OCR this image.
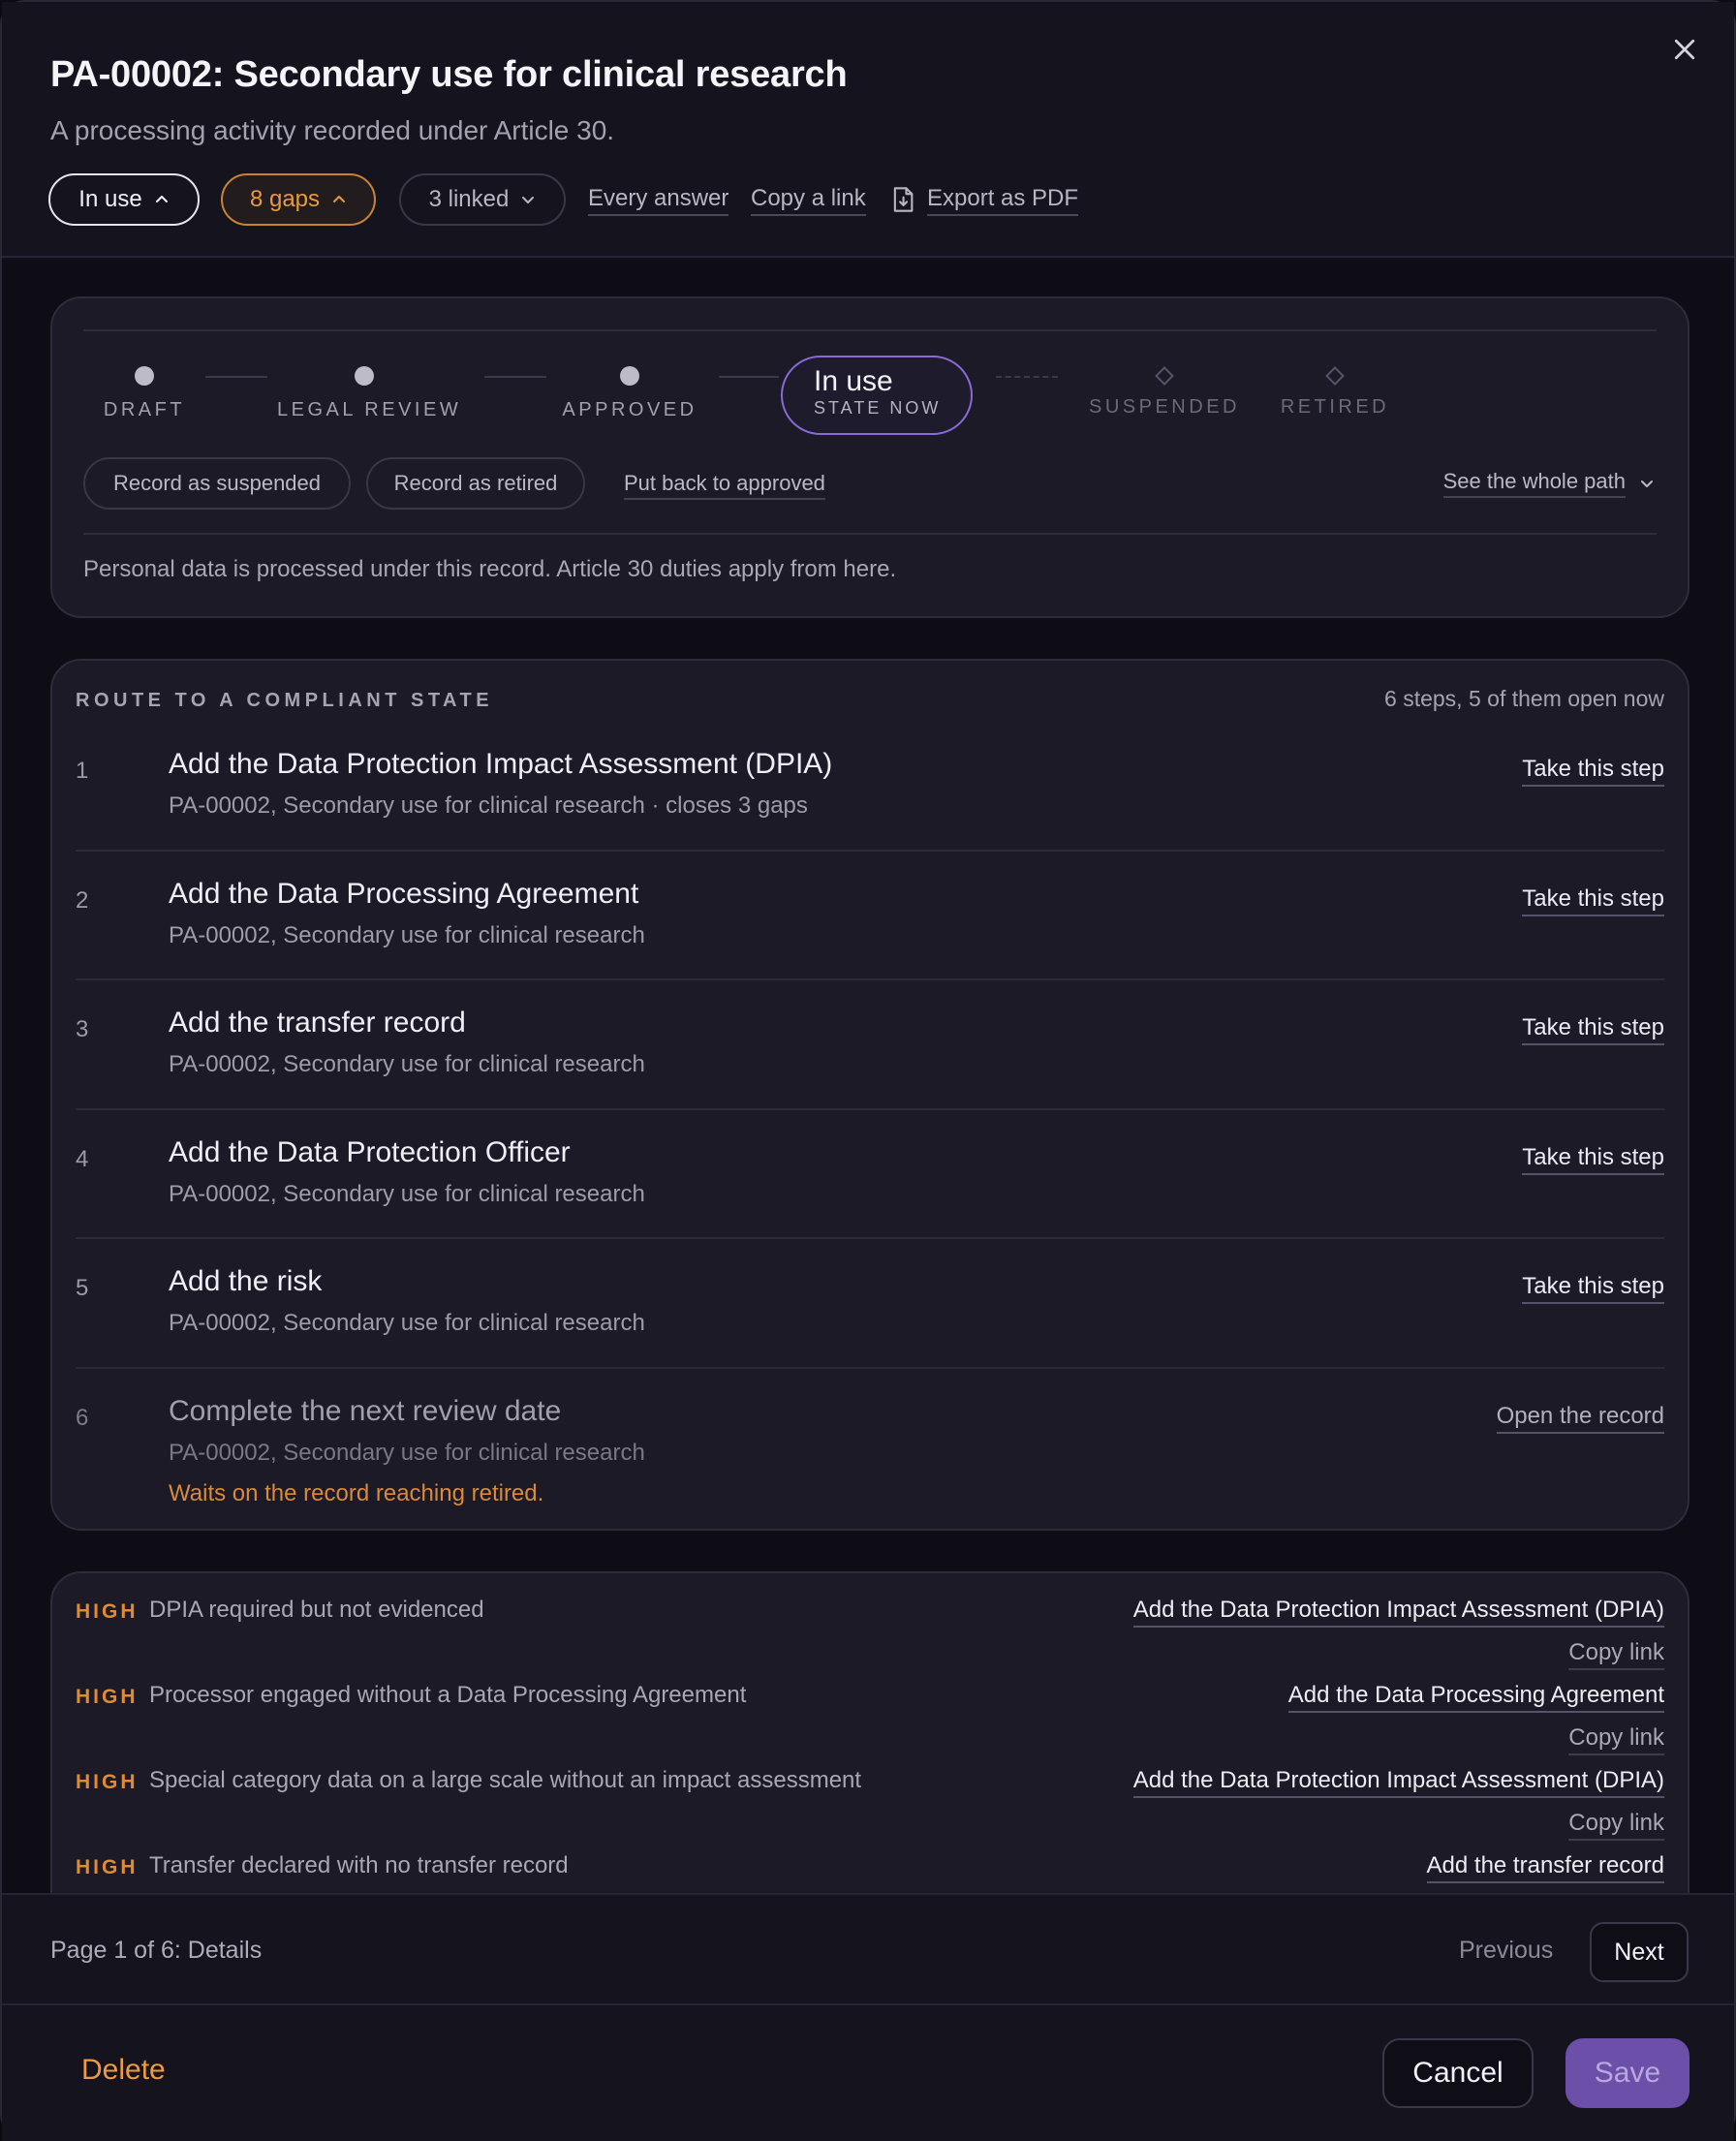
PA-00002: Secondary use for clinical research
A processing activity recorded under Article 30.
In use	8 gaps	3 linked	Every answer Copy a link	Export as PDF
DRAFT	LEGAL REVIEW	APPROVED
In use
STATE NOW	SUSPENDED RETIRED
Record as suspended	Record as retired	Put back to approved	See the whole path
Personal data is processed under this record. Article 30 duties apply from here.
ROUTE TO A COMPLIANT STATE	6 steps, 5 of them open now
1	Add the Data Protection Impact Assessment (DPIA)
PA-00002, Secondary use for clinical research · closes 3 gaps
Take this step
2	Add the Data Processing Agreement
PA-00002, Secondary use for clinical research
Take this step
3	Add the transfer record
PA-00002, Secondary use for clinical research
Take this step
4	Add the Data Protection Officer
PA-00002, Secondary use for clinical research
Take this step
5	Add the risk
PA-00002, Secondary use for clinical research
Take this step
6	Complete the next review date
PA-00002, Secondary use for clinical research
Waits on the record reaching retired.
Open the record
HIGH DPIA required but not evidenced	Add the Data Protection Impact Assessment (DPIA)
Copy link
HIGH Processor engaged without a Data Processing Agreement	Add the Data Processing Agreement
Copy link
HIGH Special category data on a large scale without an impact assessment	Add the Data Protection Impact Assessment (DPIA)
Copy link
HIGH Transfer declared with no transfer record	Add the transfer record
Page 1 of 6: Details	Previous	Next
Delete	Cancel	Save
